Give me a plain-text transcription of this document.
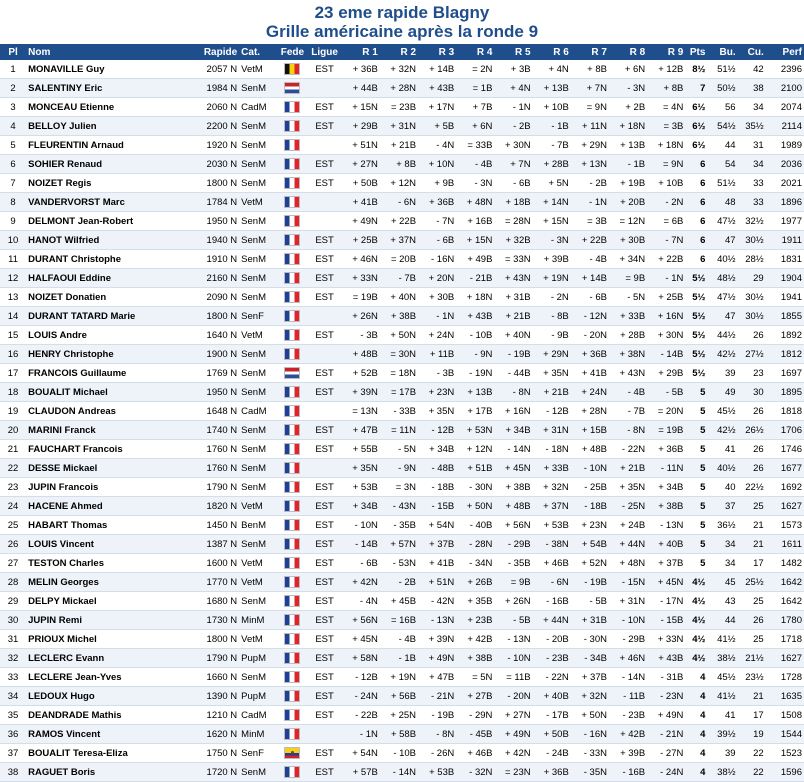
23 eme rapide Blagny
Grille américaine après la ronde 9
Pl	Nom	Rapide	Cat.	Fede	Ligue	R 1	R 2	R 3	R 4	R 5	R 6	R 7	R 8	R 9	Pts	Bu.	Cu.	Perf
1	MONAVILLE Guy	2057 N	VetM		EST	+ 36B	+ 32N	+ 14B	= 2N	+ 3B	+ 4N	+ 8B	+ 6N	+ 12B	8½	51½	42	2396
2	SALENTINY Eric	1984 N	SenM			+ 44B	+ 28N	+ 43B	= 1B	+ 4N	+ 13B	+ 7N	- 3N	+ 8B	7	50½	38	2100
3	MONCEAU Etienne	2060 N	CadM		EST	+ 15N	= 23B	+ 17N	+ 7B	- 1N	+ 10B	= 9N	+ 2B	= 4N	6½	56	34	2074
4	BELLOY Julien	2200 N	SenM		EST	+ 29B	+ 31N	+ 5B	+ 6N	- 2B	- 1B	+ 11N	+ 18N	= 3B	6½	54½	35½	2114
5	FLEURENTIN Arnaud	1920 N	SenM			+ 51N	+ 21B	- 4N	= 33B	+ 30N	- 7B	+ 29N	+ 13B	+ 18N	6½	44	31	1989
6	SOHIER Renaud	2030 N	SenM		EST	+ 27N	+ 8B	+ 10N	- 4B	+ 7N	+ 28B	+ 13N	- 1B	= 9N	6	54	34	2036
7	NOIZET Regis	1800 N	SenM		EST	+ 50B	+ 12N	+ 9B	- 3N	- 6B	+ 5N	- 2B	+ 19B	+ 10B	6	51½	33	2021
8	VANDERVORST Marc	1784 N	VetM			+ 41B	- 6N	+ 36B	+ 48N	+ 18B	+ 14N	- 1N	+ 20B	- 2N	6	48	33	1896
9	DELMONT Jean-Robert	1950 N	SenM			+ 49N	+ 22B	- 7N	+ 16B	= 28N	+ 15N	= 3B	= 12N	= 6B	6	47½	32½	1977
10	HANOT Wilfried	1940 N	SenM		EST	+ 25B	+ 37N	- 6B	+ 15N	+ 32B	- 3N	+ 22B	+ 30B	- 7N	6	47	30½	1911
11	DURANT Christophe	1910 N	SenM		EST	+ 46N	= 20B	- 16N	+ 49B	= 33N	+ 39B	- 4B	+ 34N	+ 22B	6	40½	28½	1831
12	HALFAOUI Eddine	2160 N	SenM		EST	+ 33N	- 7B	+ 20N	- 21B	+ 43N	+ 19N	+ 14B	= 9B	- 1N	5½	48½	29	1904
13	NOIZET Donatien	2090 N	SenM		EST	= 19B	+ 40N	+ 30B	+ 18N	+ 31B	- 2N	- 6B	- 5N	+ 25B	5½	47½	30½	1941
14	DURANT TATARD Marie	1800 N	SenF			+ 26N	+ 38B	- 1N	+ 43B	+ 21B	- 8B	- 12N	+ 33B	+ 16N	5½	47	30½	1855
15	LOUIS Andre	1640 N	VetM		EST	- 3B	+ 50N	+ 24N	- 10B	+ 40N	- 9B	- 20N	+ 28B	+ 30N	5½	44½	26	1892
16	HENRY Christophe	1900 N	SenM			+ 48B	= 30N	+ 11B	- 9N	- 19B	+ 29N	+ 36B	+ 38N	- 14B	5½	42½	27½	1812
17	FRANCOIS Guillaume	1769 N	SenM		EST	+ 52B	= 18N	- 3B	- 19N	- 44B	+ 35N	+ 41B	+ 43N	+ 29B	5½	39	23	1697
18	BOUALIT Michael	1950 N	SenM		EST	+ 39N	= 17B	+ 23N	+ 13B	- 8N	+ 21B	+ 24N	- 4B	- 5B	5	49	30	1895
19	CLAUDON Andreas	1648 N	CadM			= 13N	- 33B	+ 35N	+ 17B	+ 16N	- 12B	+ 28N	- 7B	= 20N	5	45½	26	1818
20	MARINI Franck	1740 N	SenM		EST	+ 47B	= 11N	- 12B	+ 53N	+ 34B	+ 31N	+ 15B	- 8N	= 19B	5	42½	26½	1706
21	FAUCHART Francois	1760 N	SenM		EST	+ 55B	- 5N	+ 34B	+ 12N	- 14N	- 18N	+ 48B	- 22N	+ 36B	5	41	26	1746
22	DESSE Mickael	1760 N	SenM			+ 35N	- 9N	- 48B	+ 51B	+ 45N	+ 33B	- 10N	+ 21B	- 11N	5	40½	26	1677
23	JUPIN Francois	1790 N	SenM		EST	+ 53B	= 3N	- 18B	- 30N	+ 38B	+ 32N	- 25B	+ 35N	+ 34B	5	40	22½	1692
24	HACENE Ahmed	1820 N	VetM		EST	+ 34B	- 43N	- 15B	+ 50N	+ 48B	+ 37N	- 18B	- 25N	+ 38B	5	37	25	1627
25	HABART Thomas	1450 N	BenM		EST	- 10N	- 35B	+ 54N	- 40B	+ 56N	+ 53B	+ 23N	+ 24B	- 13N	5	36½	21	1573
26	LOUIS Vincent	1387 N	SenM		EST	- 14B	+ 57N	+ 37B	- 28N	- 29B	- 38N	+ 54B	+ 44N	+ 40B	5	34	21	1611
27	TESTON Charles	1600 N	VetM		EST	- 6B	- 53N	+ 41B	- 34N	- 35B	+ 46B	+ 52N	+ 48N	+ 37B	5	34	17	1482
28	MELIN Georges	1770 N	VetM		EST	+ 42N	- 2B	+ 51N	+ 26B	= 9B	- 6N	- 19B	- 15N	+ 45N	4½	45	25½	1642
29	DELPY Mickael	1680 N	SenM		EST	- 4N	+ 45B	- 42N	+ 35B	+ 26N	- 16B	- 5B	+ 31N	- 17N	4½	43	25	1642
30	JUPIN Remi	1730 N	MinM		EST	+ 56N	= 16B	- 13N	+ 23B	- 5B	+ 44N	+ 31B	- 10N	- 15B	4½	44	26	1780
31	PRIOUX Michel	1800 N	VetM		EST	+ 45N	- 4B	+ 39N	+ 42B	- 13N	- 20B	- 30N	- 29B	+ 33N	4½	41½	25	1718
32	LECLERC Evann	1790 N	PupM		EST	+ 58N	- 1B	+ 49N	+ 38B	- 10N	- 23B	- 34B	+ 46N	+ 43B	4½	38½	21½	1627
33	LECLERE Jean-Yves	1660 N	SenM		EST	- 12B	+ 19N	+ 47B	= 5N	= 11B	- 22N	+ 37B	- 14N	- 31B	4	45½	23½	1728
34	LEDOUX Hugo	1390 N	PupM		EST	- 24N	+ 56B	- 21N	+ 27B	- 20N	+ 40B	+ 32N	- 11B	- 23N	4	41½	21	1635
35	DEANDRADE Mathis	1210 N	CadM		EST	- 22B	+ 25N	- 19B	- 29N	+ 27N	- 17B	+ 50N	- 23B	+ 49N	4	41	17	1508
36	RAMOS Vincent	1620 N	MinM			- 1N	+ 58B	- 8N	- 45B	+ 49N	+ 50B	- 16N	+ 42B	- 21N	4	39½	19	1544
37	BOUALIT Teresa-Eliza	1750 N	SenF		EST	+ 54N	- 10B	- 26N	+ 46B	+ 42N	- 24B	- 33N	+ 39B	- 27N	4	39	22	1523
38	RAGUET Boris	1720 N	SenM		EST	+ 57B	- 14N	+ 53B	- 32N	= 23N	+ 36B	- 35N	- 16B	- 24N	4	38½	22	1596
